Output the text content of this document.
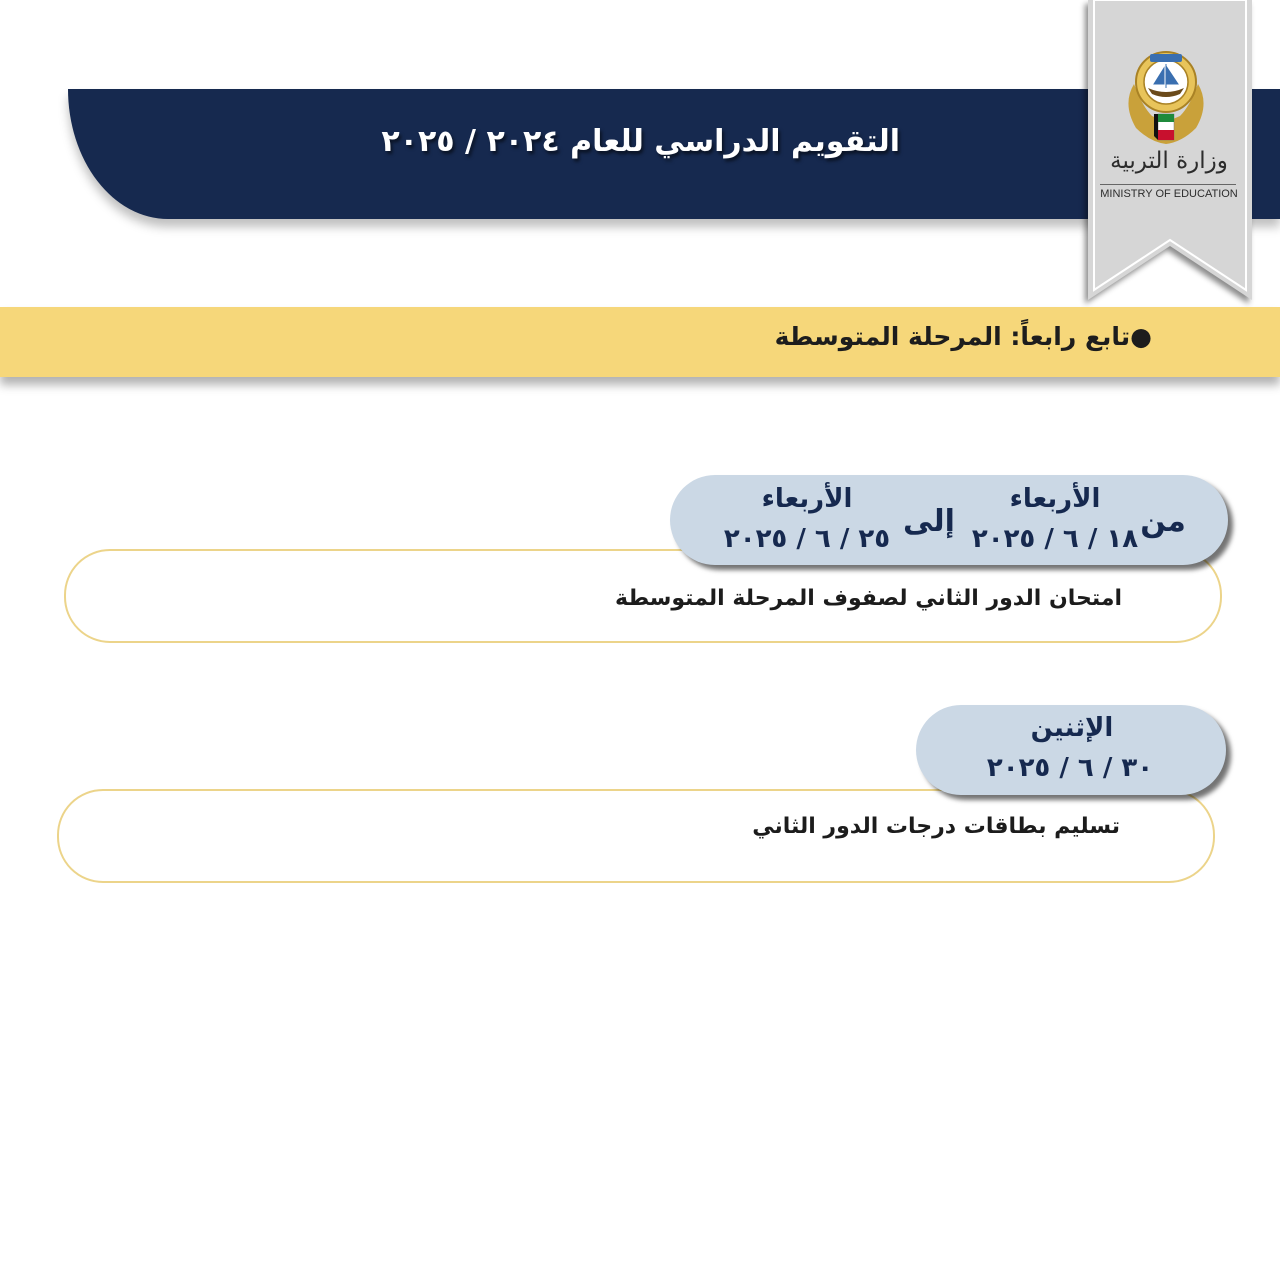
التقويم الدراسي للعام ٢٠٢٤ / ٢٠٢٥
وزارة التربية
MINISTRY OF EDUCATION
●تابع رابعاً: المرحلة المتوسطة
امتحان الدور الثاني لصفوف المرحلة المتوسطة
من
الأربعاء
١٨ / ٦ / ٢٠٢٥
إلى
الأربعاء
٢٥ / ٦ / ٢٠٢٥
تسليم بطاقات درجات الدور الثاني
الإثنين
٣٠ / ٦ / ٢٠٢٥
